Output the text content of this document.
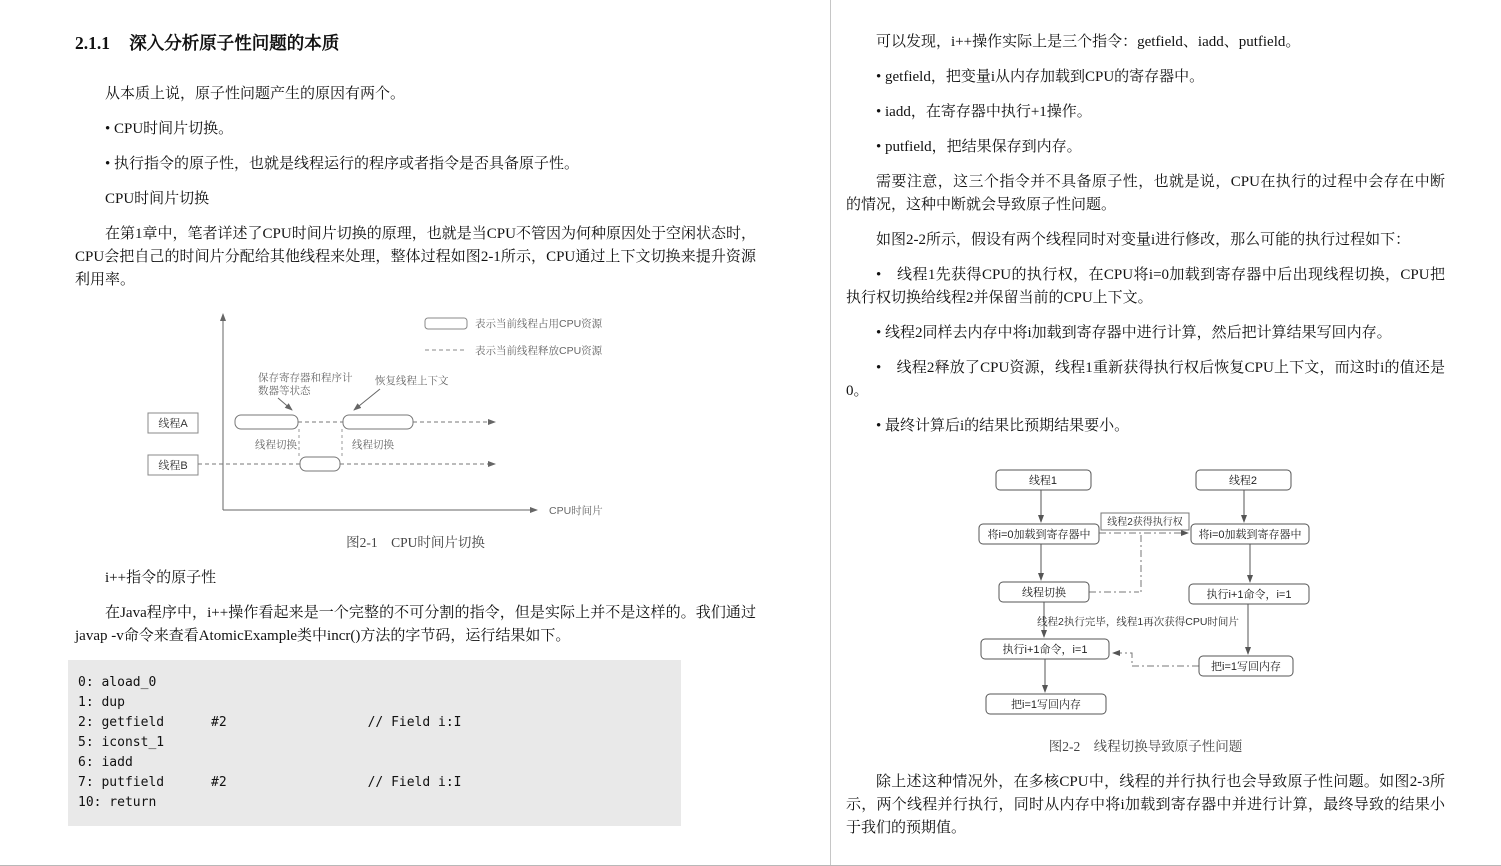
2.1.1 深入分析原子性问题的本质

从本质上说，原子性问题产生的原因有两个。

• CPU时间片切换。

• 执行指令的原子性，也就是线程运行的程序或者指令是否具备原子性。

CPU时间片切换

在第1章中，笔者详述了CPU时间片切换的原理，也就是当CPU不管因为何种原因处于空闲状态时，CPU会把自己的时间片分配给其他线程来处理，整体过程如图2-1所示，CPU通过上下文切换来提升资源利用率。

CPU时间片
表示当前线程占用CPU资源
表示当前线程释放CPU资源
保存寄存器和程序计
数器等状态
恢复线程上下文
线程A
线程B
线程切换	线程切换
图2-1　CPU时间片切换

i++指令的原子性

在Java程序中，i++操作看起来是一个完整的不可分割的指令，但是实际上并不是这样的。我们通过javap -v命令来查看AtomicExample类中incr()方法的字节码，运行结果如下。

0: aload_0
1: dup
2: getfield      #2                  // Field i:I
5: iconst_1
6: iadd
7: putfield      #2                  // Field i:I
10: return

可以发现，i++操作实际上是三个指令：getfield、iadd、putfield。

• getfield，把变量i从内存加载到CPU的寄存器中。

• iadd，在寄存器中执行+1操作。

• putfield，把结果保存到内存。

需要注意，这三个指令并不具备原子性，也就是说，CPU在执行的过程中会存在中断的情况，这种中断就会导致原子性问题。

如图2-2所示，假设有两个线程同时对变量i进行修改，那么可能的执行过程如下：

•　线程1先获得CPU的执行权，在CPU将i=0加载到寄存器中后出现线程切换，CPU把执行权切换给线程2并保留当前的CPU上下文。

• 线程2同样去内存中将i加载到寄存器中进行计算，然后把计算结果写回内存。

•　线程2释放了CPU资源，线程1重新获得执行权后恢复CPU上下文，而这时i的值还是0。

• 最终计算后i的结果比预期结果要小。

线程1	线程2
将i=0加载到寄存器中	将i=0加载到寄存器中
线程2获得执行权
线程切换	执行i+1命令，i=1
线程2执行完毕，线程1再次获得CPU时间片
执行i+1命令，i=1
把i=1写回内存
把i=1写回内存
图2-2　线程切换导致原子性问题

除上述这种情况外，在多核CPU中，线程的并行执行也会导致原子性问题。如图2-3所示，两个线程并行执行，同时从内存中将i加载到寄存器中并进行计算，最终导致的结果小于我们的预期值。
